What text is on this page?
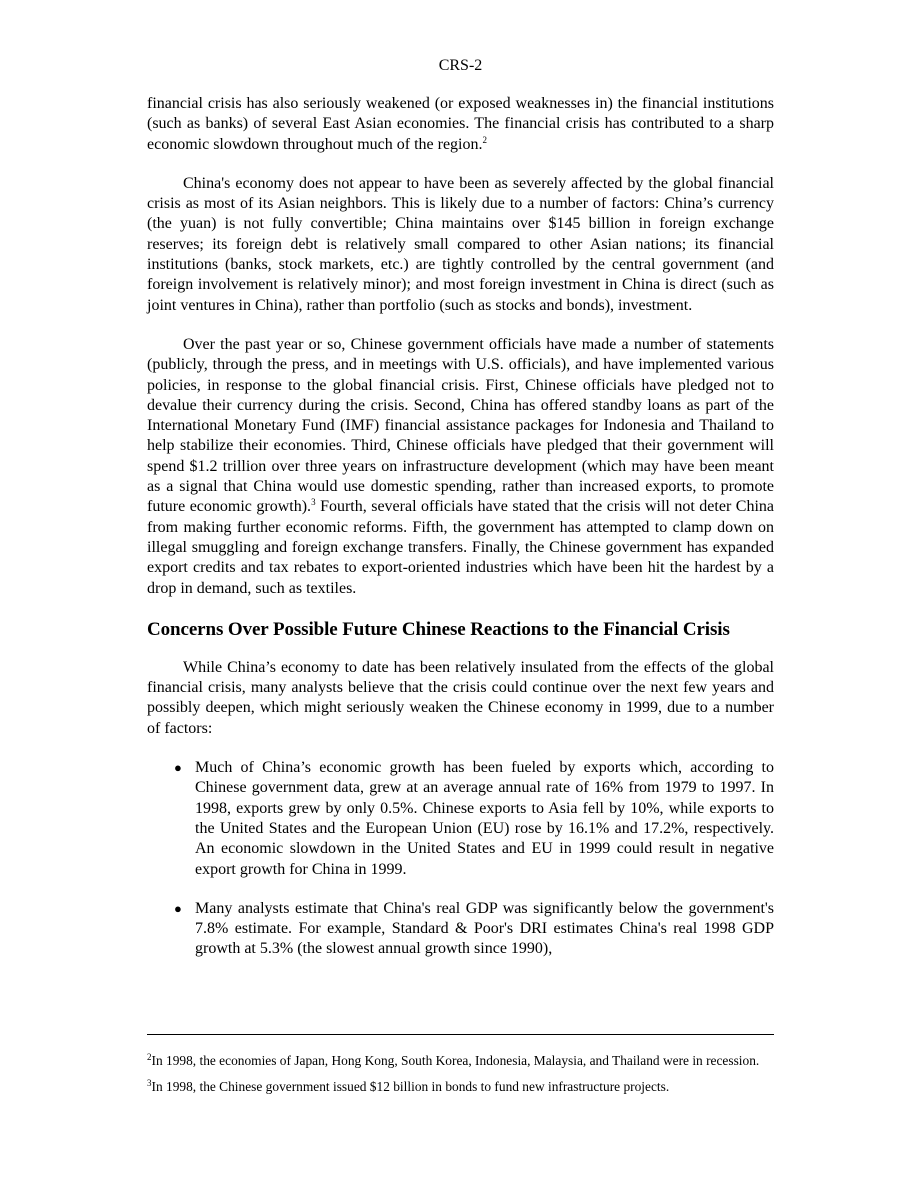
CRS-2

financial crisis has also seriously weakened (or exposed weaknesses in) the financial institutions (such as banks) of several East Asian economies. The financial crisis has contributed to a sharp economic slowdown throughout much of the region.$^2$

China's economy does not appear to have been as severely affected by the global financial crisis as most of its Asian neighbors. This is likely due to a number of factors: China’s currency (the yuan) is not fully convertible; China maintains over $145 billion in foreign exchange reserves; its foreign debt is relatively small compared to other Asian nations; its financial institutions (banks, stock markets, etc.) are tightly controlled by the central government (and foreign involvement is relatively minor); and most foreign investment in China is direct (such as joint ventures in China), rather than portfolio (such as stocks and bonds), investment.

Over the past year or so, Chinese government officials have made a number of statements (publicly, through the press, and in meetings with U.S. officials), and have implemented various policies, in response to the global financial crisis. First, Chinese officials have pledged not to devalue their currency during the crisis. Second, China has offered standby loans as part of the International Monetary Fund (IMF) financial assistance packages for Indonesia and Thailand to help stabilize their economies. Third, Chinese officials have pledged that their government will spend $1.2 trillion over three years on infrastructure development (which may have been meant as a signal that China would use domestic spending, rather than increased exports, to promote future economic growth).$^3$ Fourth, several officials have stated that the crisis will not deter China from making further economic reforms. Fifth, the government has attempted to clamp down on illegal smuggling and foreign exchange transfers. Finally, the Chinese government has expanded export credits and tax rebates to export-oriented industries which have been hit the hardest by a drop in demand, such as textiles.

Concerns Over Possible Future Chinese Reactions to the Financial Crisis

While China’s economy to date has been relatively insulated from the effects of the global financial crisis, many analysts believe that the crisis could continue over the next few years and possibly deepen, which might seriously weaken the Chinese economy in 1999, due to a number of factors:

● Much of China’s economic growth has been fueled by exports which, according to Chinese government data, grew at an average annual rate of 16% from 1979 to 1997. In 1998, exports grew by only 0.5%. Chinese exports to Asia fell by 10%, while exports to the United States and the European Union (EU) rose by 16.1% and 17.2%, respectively. An economic slowdown in the United States and EU in 1999 could result in negative export growth for China in 1999.
● Many analysts estimate that China's real GDP was significantly below the government's 7.8% estimate. For example, Standard & Poor's DRI estimates China's real 1998 GDP growth at 5.3% (the slowest annual growth since 1990),

$^2$In 1998, the economies of Japan, Hong Kong, South Korea, Indonesia, Malaysia, and Thailand were in recession.

$^3$In 1998, the Chinese government issued $12 billion in bonds to fund new infrastructure projects.
